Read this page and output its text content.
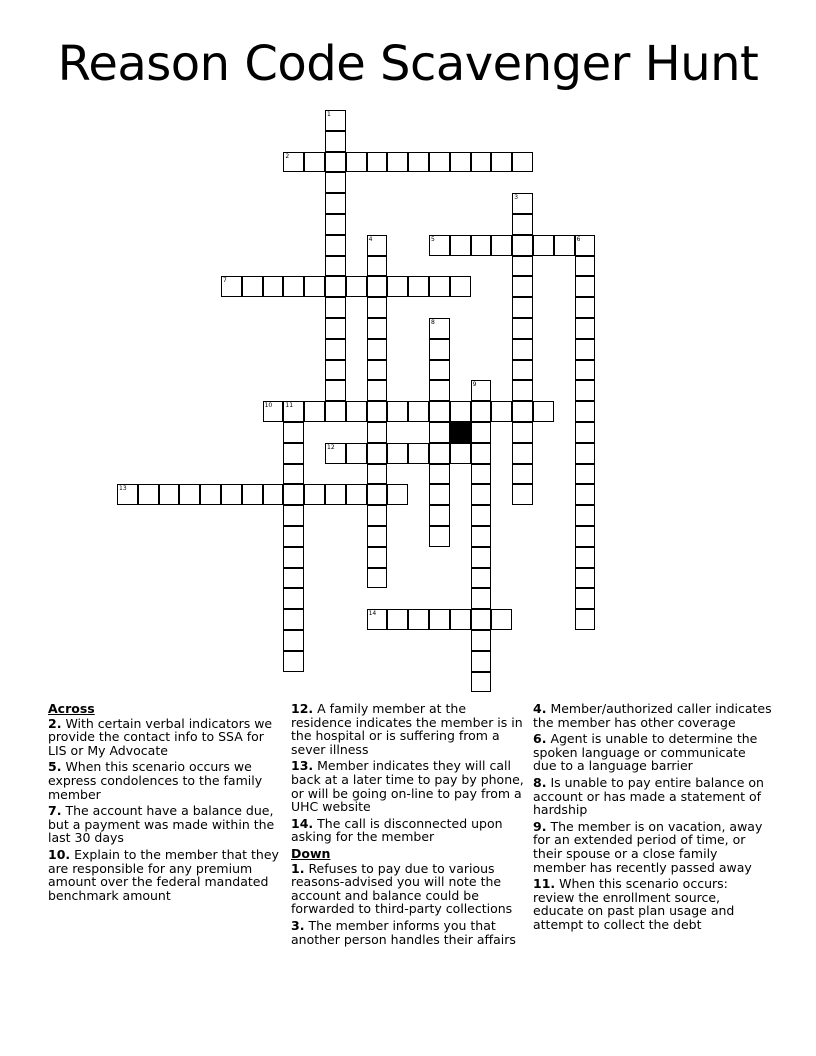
Reason Code Scavenger Hunt
1
2
3
4	5	6
7
8
9
10 11
12
13
14
Across
2. With certain verbal indicators we provide the contact info to SSA for LIS or My Advocate
5. When this scenario occurs we express condolences to the family member
7. The account have a balance due, but a payment was made within the last 30 days
10. Explain to the member that they are responsible for any premium amount over the federal mandated benchmark amount
12. A family member at the residence indicates the member is in the hospital or is suffering from a sever illness
13. Member indicates they will call back at a later time to pay by phone, or will be going on-line to pay from a UHC website
14. The call is disconnected upon asking for the member
Down
1. Refuses to pay due to various reasons-advised you will note the account and balance could be forwarded to third-party collections
3. The member informs you that another person handles their affairs
4. Member/authorized caller indicates the member has other coverage
6. Agent is unable to determine the spoken language or communicate due to a language barrier
8. Is unable to pay entire balance on account or has made a statement of hardship
9. The member is on vacation, away for an extended period of time, or their spouse or a close family member has recently passed away
11. When this scenario occurs: review the enrollment source, educate on past plan usage and attempt to collect the debt
